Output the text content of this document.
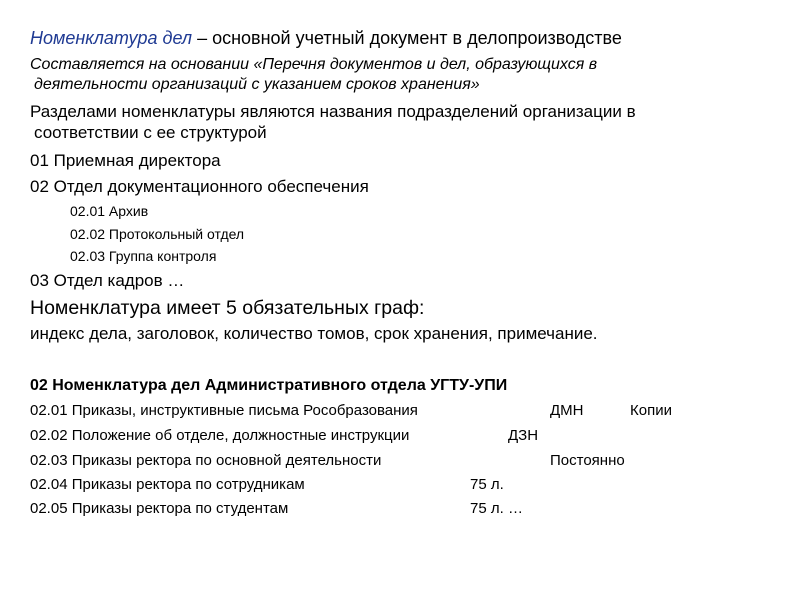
Номенклатура дел – основной учетный документ в делопроизводстве
Составляется на основании «Перечня документов и дел, образующихся в
деятельности организаций с указанием сроков хранения»
Разделами номенклатуры являются названия подразделений организации в
соответствии с ее структурой
01 Приемная директора
02 Отдел документационного обеспечения
02.01 Архив
02.02 Протокольный отдел
02.03 Группа контроля
03 Отдел кадров …
Номенклатура имеет 5 обязательных граф:
индекс дела, заголовок, количество томов, срок хранения, примечание.
02 Номенклатура дел Административного отдела УГТУ-УПИ
02.01 Приказы, инструктивные письма Рособразования	ДМН	Копии
02.02 Положение об отделе, должностные инструкции	ДЗН
02.03 Приказы ректора по основной деятельности	Постоянно
02.04 Приказы ректора по сотрудникам	75 л.
02.05 Приказы ректора по студентам	75 л. …
